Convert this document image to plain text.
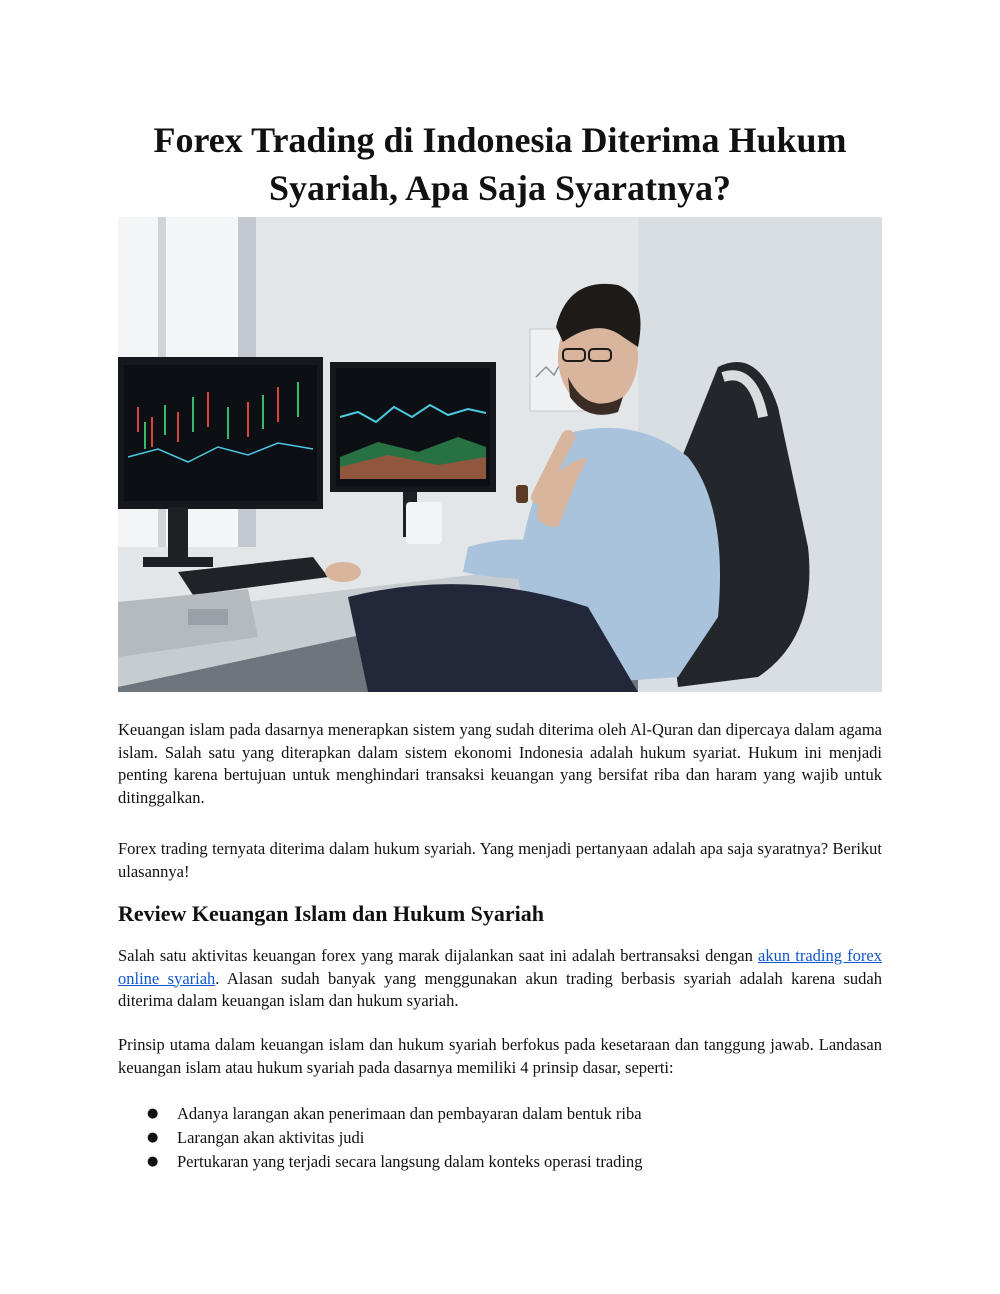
Forex Trading di Indonesia Diterima Hukum
Syariah, Apa Saja Syaratnya?

Keuangan islam pada dasarnya menerapkan sistem yang sudah diterima oleh Al-Quran dan dipercaya dalam agama islam. Salah satu yang diterapkan dalam sistem ekonomi Indonesia adalah hukum syariat. Hukum ini menjadi penting karena bertujuan untuk menghindari transaksi keuangan yang bersifat riba dan haram yang wajib untuk ditinggalkan.

Forex trading ternyata diterima dalam hukum syariah. Yang menjadi pertanyaan adalah apa saja syaratnya? Berikut ulasannya!

Review Keuangan Islam dan Hukum Syariah

Salah satu aktivitas keuangan forex yang marak dijalankan saat ini adalah bertransaksi dengan akun trading forex online syariah. Alasan sudah banyak yang menggunakan akun trading berbasis syariah adalah karena sudah diterima dalam keuangan islam dan hukum syariah.

Prinsip utama dalam keuangan islam dan hukum syariah berfokus pada kesetaraan dan tanggung jawab. Landasan keuangan islam atau hukum syariah pada dasarnya memiliki 4 prinsip dasar, seperti:

● Adanya larangan akan penerimaan dan pembayaran dalam bentuk riba
● Larangan akan aktivitas judi
● Pertukaran yang terjadi secara langsung dalam konteks operasi trading
